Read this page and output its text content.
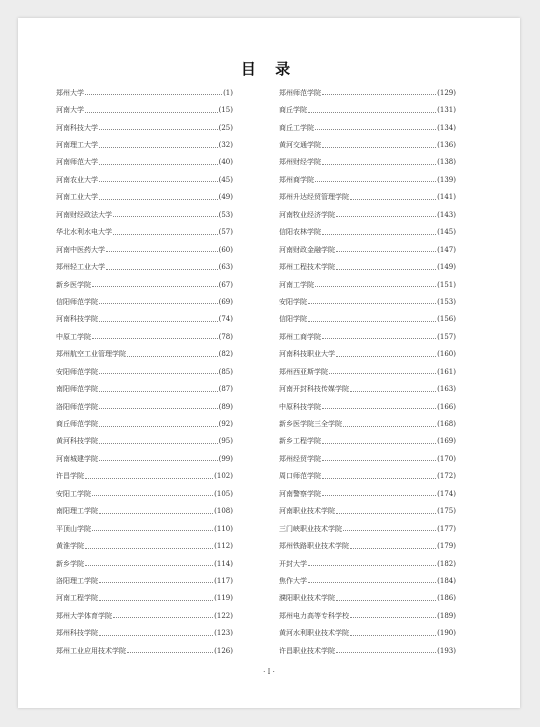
目 录
郑州大学	(1)
河南大学	(15)
河南科技大学	(25)
河南理工大学	(32)
河南师范大学	(40)
河南农业大学	(45)
河南工业大学	(49)
河南财经政法大学	(53)
华北水利水电大学	(57)
河南中医药大学	(60)
郑州轻工业大学	(63)
新乡医学院	(67)
信阳师范学院	(69)
河南科技学院	(74)
中原工学院	(78)
郑州航空工业管理学院	(82)
安阳师范学院	(85)
南阳师范学院	(87)
洛阳师范学院	(89)
商丘师范学院	(92)
黄河科技学院	(95)
河南城建学院	(99)
许昌学院	(102)
安阳工学院	(105)
南阳理工学院	(108)
平顶山学院	(110)
黄淮学院	(112)
新乡学院	(114)
洛阳理工学院	(117)
河南工程学院	(119)
郑州大学体育学院	(122)
郑州科技学院	(123)
郑州工业应用技术学院	(126)
郑州师范学院	(129)
商丘学院	(131)
商丘工学院	(134)
黄河交通学院	(136)
郑州财经学院	(138)
郑州商学院	(139)
郑州升达经贸管理学院	(141)
河南牧业经济学院	(143)
信阳农林学院	(145)
河南财政金融学院	(147)
郑州工程技术学院	(149)
河南工学院	(151)
安阳学院	(153)
信阳学院	(156)
郑州工商学院	(157)
河南科技职业大学	(160)
郑州西亚斯学院	(161)
河南开封科技传媒学院	(163)
中原科技学院	(166)
新乡医学院三全学院	(168)
新乡工程学院	(169)
郑州经贸学院	(170)
周口师范学院	(172)
河南警察学院	(174)
河南职业技术学院	(175)
三门峡职业技术学院	(177)
郑州铁路职业技术学院	(179)
开封大学	(182)
焦作大学	(184)
濮阳职业技术学院	(186)
郑州电力高等专科学校	(189)
黄河水利职业技术学院	(190)
许昌职业技术学院	(193)
· I ·
